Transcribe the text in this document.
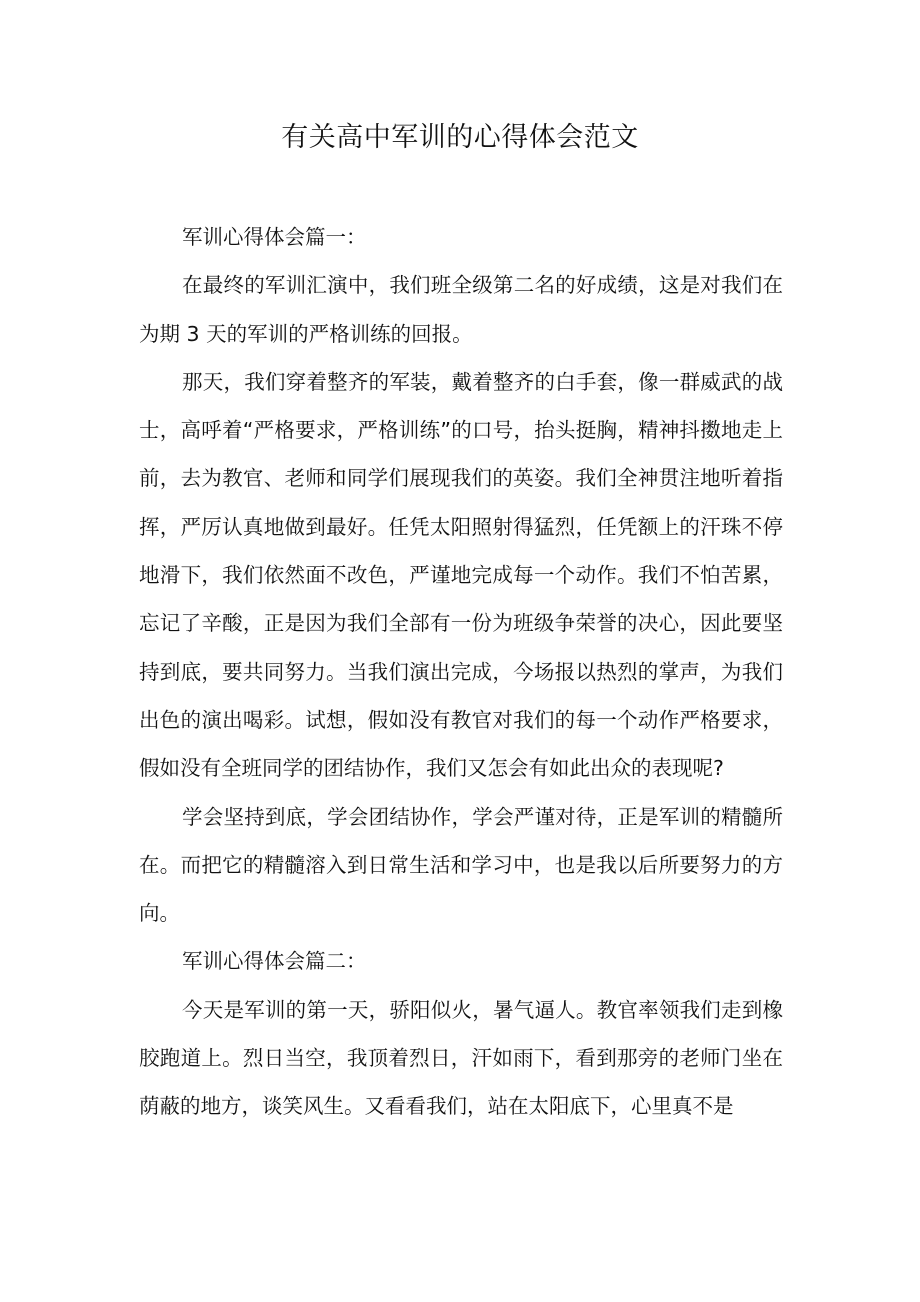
有关高中军训的心得体会范文

军训心得体会篇一：

在最终的军训汇演中，我们班全级第二名的好成绩，这是对我们在为期 3 天的军训的严格训练的回报。

那天，我们穿着整齐的军装，戴着整齐的白手套，像一群威武的战士，高呼着“严格要求，严格训练”的口号，抬头挺胸，精神抖擞地走上前，去为教官、老师和同学们展现我们的英姿。我们全神贯注地听着指挥，严厉认真地做到最好。任凭太阳照射得猛烈，任凭额上的汗珠不停地滑下，我们依然面不改色，严谨地完成每一个动作。我们不怕苦累，忘记了辛酸，正是因为我们全部有一份为班级争荣誉的决心，因此要坚持到底，要共同努力。当我们演出完成，今场报以热烈的掌声，为我们出色的演出喝彩。试想，假如没有教官对我们的每一个动作严格要求，假如没有全班同学的团结协作，我们又怎会有如此出众的表现呢?

学会坚持到底，学会团结协作，学会严谨对待，正是军训的精髓所在。而把它的精髓溶入到日常生活和学习中，也是我以后所要努力的方向。

军训心得体会篇二：

今天是军训的第一天，骄阳似火，暑气逼人。教官率领我们走到橡胶跑道上。烈日当空，我顶着烈日，汗如雨下，看到那旁的老师门坐在荫蔽的地方，谈笑风生。又看看我们，站在太阳底下，心里真不是
